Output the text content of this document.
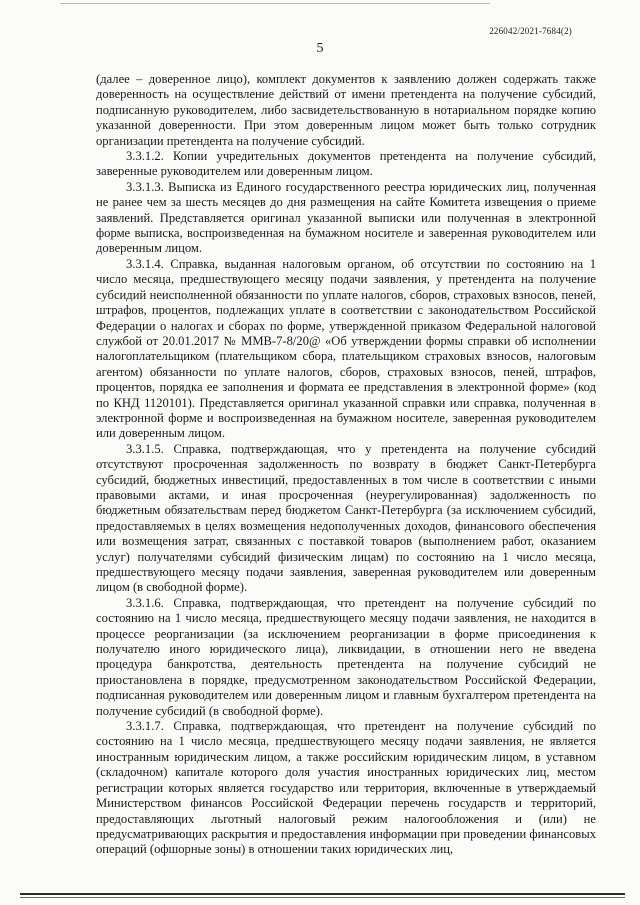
226042/2021-7684(2)
5

(далее – доверенное лицо), комплект документов к заявлению должен содержать также доверенность на осуществление действий от имени претендента на получение субсидий, подписанную руководителем, либо засвидетельствованную в нотариальном порядке копию указанной доверенности. При этом доверенным лицом может быть только сотрудник организации претендента на получение субсидий.

3.3.1.2. Копии учредительных документов претендента на получение субсидий, заверенные руководителем или доверенным лицом.

3.3.1.3. Выписка из Единого государственного реестра юридических лиц, полученная не ранее чем за шесть месяцев до дня размещения на сайте Комитета извещения о приеме заявлений. Представляется оригинал указанной выписки или полученная в электронной форме выписка, воспроизведенная на бумажном носителе и заверенная руководителем или доверенным лицом.

3.3.1.4. Справка, выданная налоговым органом, об отсутствии по состоянию на 1 число месяца, предшествующего месяцу подачи заявления, у претендента на получение субсидий неисполненной обязанности по уплате налогов, сборов, страховых взносов, пеней, штрафов, процентов, подлежащих уплате в соответствии с законодательством Российской Федерации о налогах и сборах по форме, утвержденной приказом Федеральной налоговой службой от 20.01.2017 № ММВ-7-8/20@ «Об утверждении формы справки об исполнении налогоплательщиком (плательщиком сбора, плательщиком страховых взносов, налоговым агентом) обязанности по уплате налогов, сборов, страховых взносов, пеней, штрафов, процентов, порядка ее заполнения и формата ее представления в электронной форме» (код по КНД 1120101). Представляется оригинал указанной справки или справка, полученная в электронной форме и воспроизведенная на бумажном носителе, заверенная руководителем или доверенным лицом.

3.3.1.5. Справка, подтверждающая, что у претендента на получение субсидий отсутствуют просроченная задолженность по возврату в бюджет Санкт-Петербурга субсидий, бюджетных инвестиций, предоставленных в том числе в соответствии с иными правовыми актами, и иная просроченная (неурегулированная) задолженность по бюджетным обязательствам перед бюджетом Санкт-Петербурга (за исключением субсидий, предоставляемых в целях возмещения недополученных доходов, финансового обеспечения или возмещения затрат, связанных с поставкой товаров (выполнением работ, оказанием услуг) получателями субсидий физическим лицам) по состоянию на 1 число месяца, предшествующего месяцу подачи заявления, заверенная руководителем или доверенным лицом (в свободной форме).

3.3.1.6. Справка, подтверждающая, что претендент на получение субсидий по состоянию на 1 число месяца, предшествующего месяцу подачи заявления, не находится в процессе реорганизации (за исключением реорганизации в форме присоединения к получателю иного юридического лица), ликвидации, в отношении него не введена процедура банкротства, деятельность претендента на получение субсидий не приостановлена в порядке, предусмотренном законодательством Российской Федерации, подписанная руководителем или доверенным лицом и главным бухгалтером претендента на получение субсидий (в свободной форме).

3.3.1.7. Справка, подтверждающая, что претендент на получение субсидий по состоянию на 1 число месяца, предшествующего месяцу подачи заявления, не является иностранным юридическим лицом, а также российским юридическим лицом, в уставном (складочном) капитале которого доля участия иностранных юридических лиц, местом регистрации которых является государство или территория, включенные в утверждаемый Министерством финансов Российской Федерации перечень государств и территорий, предоставляющих льготный налоговый режим налогообложения и (или) не предусматривающих раскрытия и предоставления информации при проведении финансовых операций (офшорные зоны) в отношении таких юридических лиц,
